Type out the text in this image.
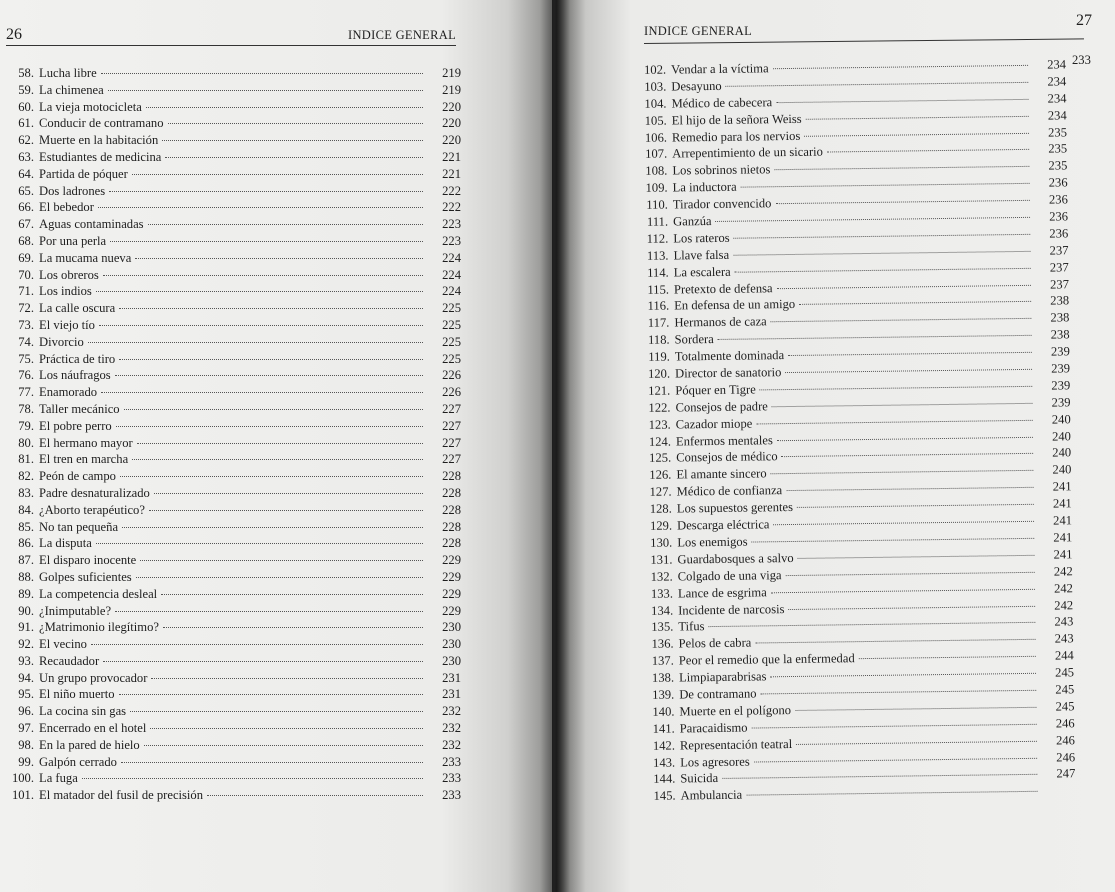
26	INDICE GENERAL
58. Lucha libre	219
59. La chimenea	219
60. La vieja motocicleta	220
61. Conducir de contramano	220
62. Muerte en la habitación	220
63. Estudiantes de medicina	221
64. Partida de póquer	221
65. Dos ladrones	222
66. El bebedor	222
67. Aguas contaminadas	223
68. Por una perla	223
69. La mucama nueva	224
70. Los obreros	224
71. Los indios	224
72. La calle oscura	225
73. El viejo tío	225
74. Divorcio	225
75. Práctica de tiro	225
76. Los náufragos	226
77. Enamorado	226
78. Taller mecánico	227
79. El pobre perro	227
80. El hermano mayor	227
81. El tren en marcha	227
82. Peón de campo	228
83. Padre desnaturalizado	228
84. ¿Aborto terapéutico?	228
85. No tan pequeña	228
86. La disputa	228
87. El disparo inocente	229
88. Golpes suficientes	229
89. La competencia desleal	229
90. ¿Inimputable?	229
91. ¿Matrimonio ilegítimo?	230
92. El vecino	230
93. Recaudador	230
94. Un grupo provocador	231
95. El niño muerto	231
96. La cocina sin gas	232
97. Encerrado en el hotel	232
98. En la pared de hielo	232
99. Galpón cerrado	233
100. La fuga	233
101. El matador del fusil de precisión	233
27
INDICE GENERAL
233
102. Vendar a la víctima	234
103. Desayuno	234
104. Médico de cabecera	234
105. El hijo de la señora Weiss	234
106. Remedio para los nervios	235
107. Arrepentimiento de un sicario	235
108. Los sobrinos nietos	235
109. La inductora	236
110. Tirador convencido	236
111. Ganzúa	236
112. Los rateros	236
113. Llave falsa	237
114. La escalera	237
115. Pretexto de defensa	237
116. En defensa de un amigo	238
117. Hermanos de caza	238
118. Sordera	238
119. Totalmente dominada	239
120. Director de sanatorio	239
121. Póquer en Tigre	239
122. Consejos de padre	239
123. Cazador miope	240
124. Enfermos mentales	240
125. Consejos de médico	240
126. El amante sincero	240
127. Médico de confianza	241
128. Los supuestos gerentes	241
129. Descarga eléctrica	241
130. Los enemigos	241
131. Guardabosques a salvo	241
132. Colgado de una viga	242
133. Lance de esgrima	242
134. Incidente de narcosis	242
135. Tifus	243
136. Pelos de cabra	243
137. Peor el remedio que la enfermedad	244
138. Limpiaparabrisas	245
139. De contramano	245
140. Muerte en el polígono	245
141. Paracaidismo	246
142. Representación teatral	246
143. Los agresores	246
144. Suicida	247
145. Ambulancia
